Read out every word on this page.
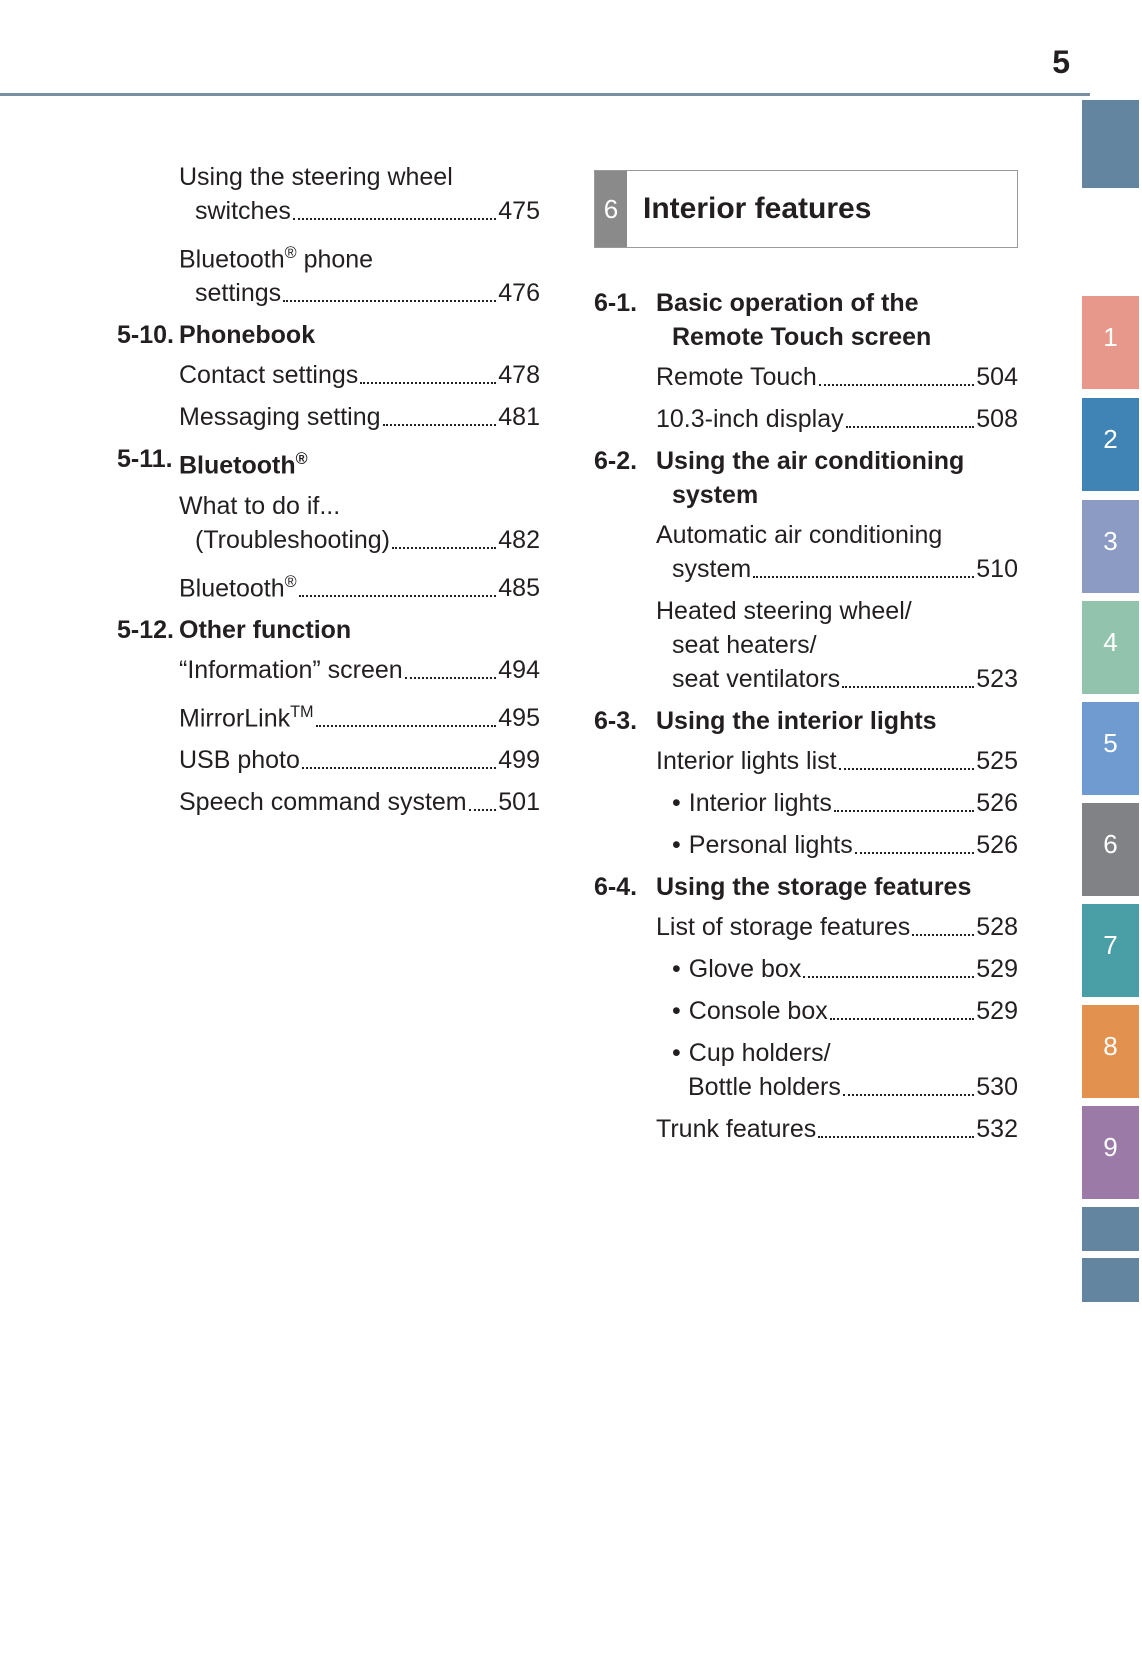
5
Using the steering wheel
switches	475
Bluetooth® phone
settings	476
5-10. Phonebook
Contact settings	478
Messaging setting	481
5-11. Bluetooth®
What to do if...
(Troubleshooting)	482
Bluetooth®	485
5-12. Other function
“Information” screen	494
MirrorLink™	495
USB photo	499
Speech command system 501
6 Interior features
6-1. Basic operation of the
Remote Touch screen
Remote Touch	504
10.3-inch display	508
6-2. Using the air conditioning
system
Automatic air conditioning
system	510
Heated steering wheel/
seat heaters/
seat ventilators	523
6-3. Using the interior lights
Interior lights list	525
• Interior lights	526
• Personal lights	526
6-4. Using the storage features
List of storage features	528
• Glove box	529
• Console box	529
• Cup holders/
Bottle holders	530
Trunk features	532
1
2
3
4
5
6
7
8
9
